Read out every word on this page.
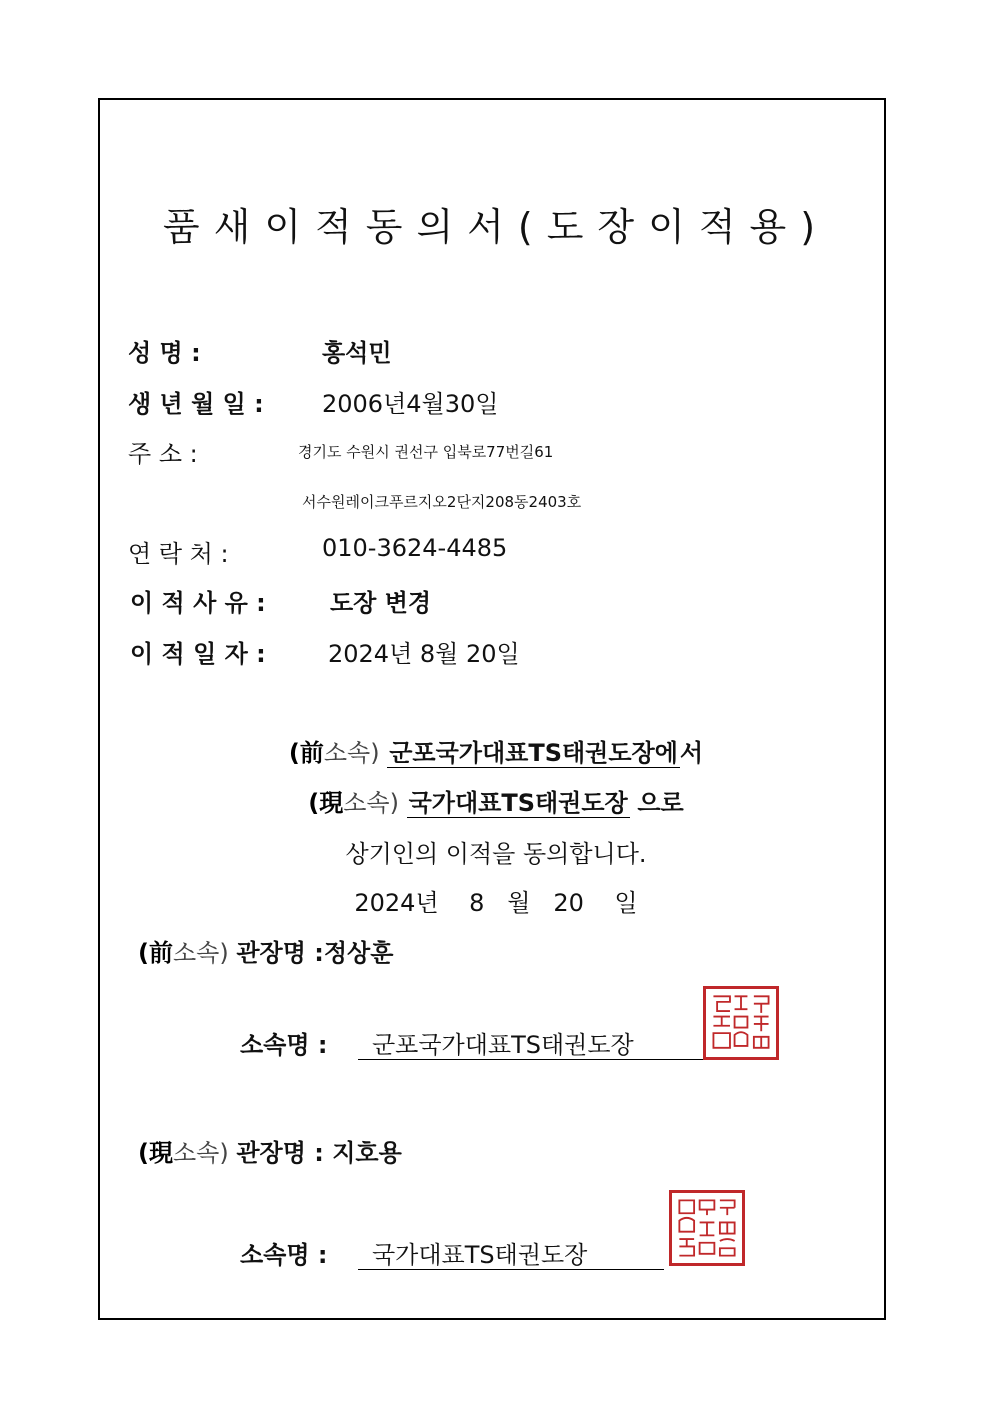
품새이적동의서(도장이적용)
성 명 :	홍석민
생 년 월 일 : 2006년4월30일
주 소 :	경기도 수원시 권선구 입북로77번길61
서수원레이크푸르지오2단지208동2403호
연 락 처 :	010-3624-4485
이 적 사 유 :	도장 변경
이 적 일 자 :	2024년 8월 20일
(前소속) 군포국가대표TS태권도장에서
(現소속) 국가대표TS태권도장 으로
상기인의 이적을 동의합니다.
2024년    8   월   20    일
(前소속) 관장명 :정상훈
소속명 : 군포국가대표TS태권도장
(現소속) 관장명 : 지호용
소속명 : 국가대표TS태권도장
